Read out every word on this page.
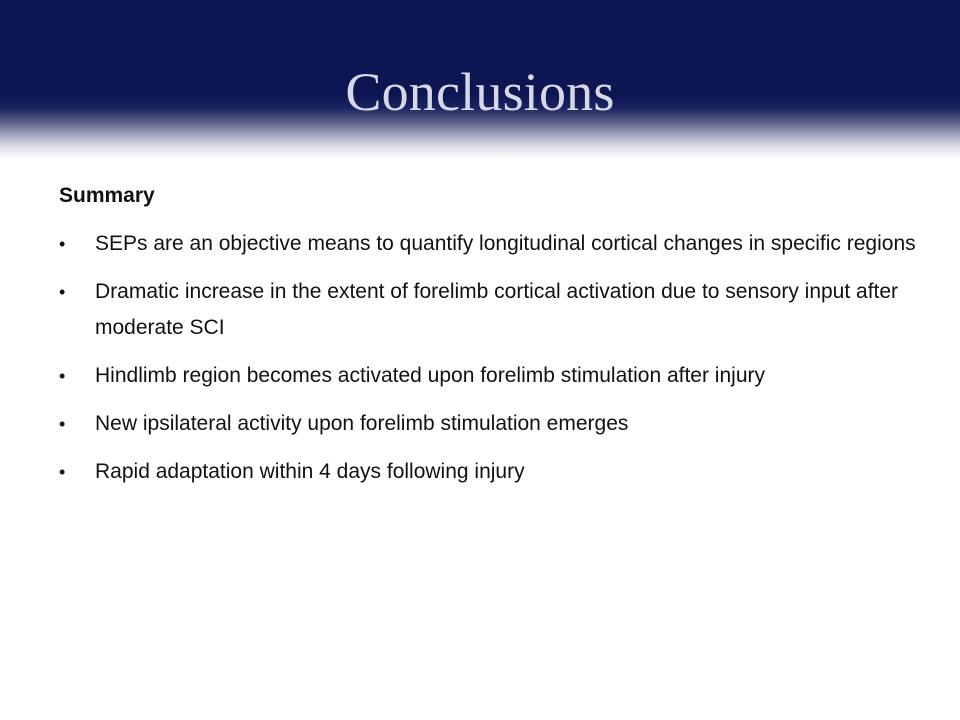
Conclusions
Summary
•	SEPs are an objective means to quantify longitudinal cortical changes in specific regions
•	Dramatic increase in the extent of forelimb cortical activation due to sensory input after moderate SCI
•	Hindlimb region becomes activated upon forelimb stimulation after injury
•	New ipsilateral activity upon forelimb stimulation emerges
•	Rapid adaptation within 4 days following injury
